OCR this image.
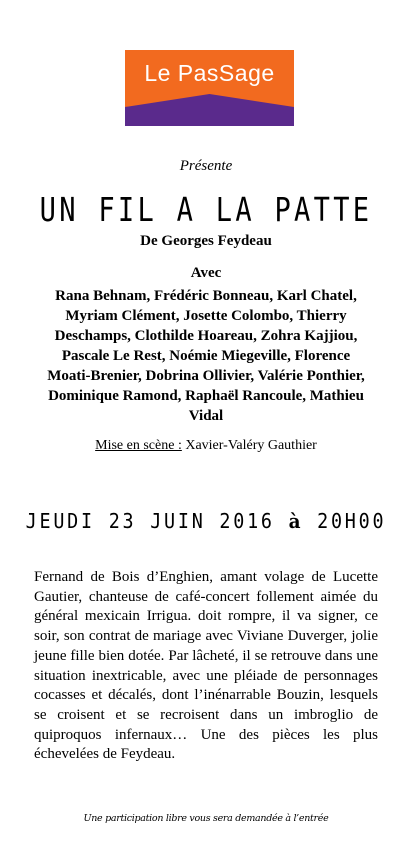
Le PasSage
Présente
UN FIL A LA PATTE
De Georges Feydeau
Avec
Rana Behnam, Frédéric Bonneau, Karl Chatel, Myriam Clément, Josette Colombo, Thierry Deschamps, Clothilde Hoareau, Zohra Kajjiou, Pascale Le Rest, Noémie Miegeville, Florence Moati-Brenier, Dobrina Ollivier, Valérie Ponthier, Dominique Ramond, Raphaël Rancoule, Mathieu Vidal
Mise en scène : Xavier-Valéry Gauthier
JEUDI 23 JUIN 2016 à 20H00
Fernand de Bois d’Enghien, amant volage de Lucette Gautier, chanteuse de café-concert follement aimée du général mexicain Irrigua. doit rompre, il va signer, ce soir, son contrat de mariage avec Viviane Duverger, jolie jeune fille bien dotée. Par lâcheté, il se retrouve dans une situation inextricable, avec une pléiade de personnages cocasses et décalés, dont l’inénarrable Bouzin, lesquels se croisent et se recroisent dans un imbroglio de quiproquos infernaux… Une des pièces les plus échevelées de Feydeau.
Une participation libre vous sera demandée à l’entrée
